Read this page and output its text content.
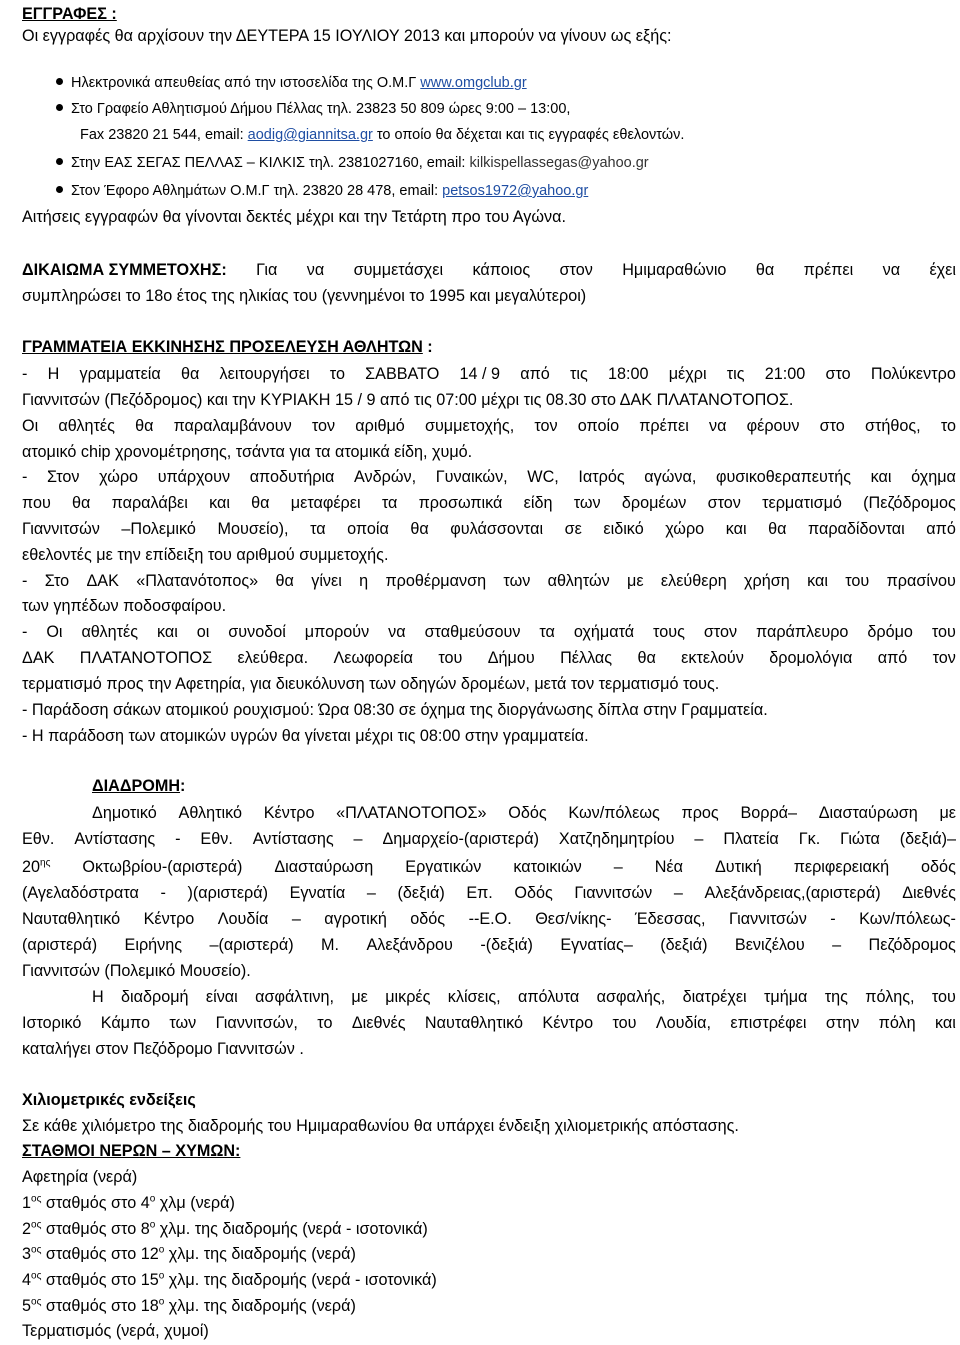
ΕΓΓΡΑΦΕΣ :
Οι εγγραφές θα αρχίσουν την ΔΕΥΤΕΡΑ 15 ΙΟΥΛΙΟΥ 2013 και μπορούν να γίνουν ως εξής:
Ηλεκτρονικά απευθείας από την ιστοσελίδα της Ο.Μ.Γ www.omgclub.gr
Στο Γραφείο Αθλητισμού Δήμου Πέλλας τηλ. 23823 50 809 ώρες 9:00 – 13:00,
Fax 23820 21 544, email: aodig@giannitsa.gr το οποίο θα δέχεται και τις εγγραφές εθελοντών.
Στην ΕΑΣ ΣΕΓΑΣ ΠΕΛΛΑΣ – ΚΙΛΚΙΣ τηλ. 2381027160, email: kilkispellassegas@yahoo.gr
Στον Έφορο Αθλημάτων Ο.Μ.Γ τηλ. 23820 28 478, email: petsos1972@yahoo.gr
Αιτήσεις εγγραφών θα γίνονται δεκτές μέχρι και την Τετάρτη προ του Αγώνα.
ΔΙΚΑΙΩΜΑ ΣΥΜΜΕΤΟΧΗΣ: Για να συμμετάσχει κάποιος στον Ημιμαραθώνιο θα πρέπει να έχει
συμπληρώσει το 18ο έτος της ηλικίας του (γεννημένοι το 1995 και μεγαλύτεροι)
ΓΡΑΜΜΑΤΕΙΑ ΕΚΚΙΝΗΣΗΣ ΠΡΟΣΕΛΕΥΣΗ ΑΘΛΗΤΩΝ :
- Η γραμματεία θα λειτουργήσει το ΣΑΒΒΑΤΟ 14 / 9 από τις 18:00 μέχρι τις 21:00 στο Πολύκεντρο
Γιαννιτσών (Πεζόδρομος) και την ΚΥΡΙΑΚΗ 15 / 9 από τις 07:00 μέχρι τις 08.30 στο ΔΑΚ ΠΛΑΤΑΝΟΤΟΠΟΣ.
Οι αθλητές θα παραλαμβάνουν τον αριθμό συμμετοχής, τον οποίο πρέπει να φέρουν στο στήθος, το
ατομικό chip χρονομέτρησης, τσάντα για τα ατομικά είδη, χυμό.
- Στον χώρο υπάρχουν αποδυτήρια Ανδρών, Γυναικών, WC, Ιατρός αγώνα, φυσικοθεραπευτής και όχημα
που θα παραλάβει και θα μεταφέρει τα προσωπικά είδη των δρομέων στον τερματισμό (Πεζόδρομος
Γιαννιτσών –Πολεμικό Μουσείο), τα οποία θα φυλάσσονται σε ειδικό χώρο και θα παραδίδονται από
εθελοντές με την επίδειξη του αριθμού συμμετοχής.
- Στο ΔΑΚ «Πλατανότοπος» θα γίνει η προθέρμανση των αθλητών με ελεύθερη χρήση και του πρασίνου
των γηπέδων ποδοσφαίρου.
- Οι αθλητές και οι συνοδοί μπορούν να σταθμεύσουν τα οχήματά τους στον παράπλευρο δρόμο του
ΔΑΚ ΠΛΑΤΑΝΟΤΟΠΟΣ ελεύθερα. Λεωφορεία του Δήμου Πέλλας θα εκτελούν δρομολόγια από τον
τερματισμό προς την Αφετηρία, για διευκόλυνση των οδηγών δρομέων, μετά τον τερματισμό τους.
- Παράδοση σάκων ατομικού ρουχισμού: Ώρα 08:30 σε όχημα της διοργάνωσης δίπλα στην Γραμματεία.
- Η παράδοση των ατομικών υγρών θα γίνεται μέχρι τις 08:00 στην γραμματεία.
ΔΙΑΔΡΟΜΗ:
Δημοτικό Αθλητικό Κέντρο «ΠΛΑΤΑΝΟΤΟΠΟΣ» Οδός Κων/πόλεως προς Βορρά– Διασταύρωση με
Εθν. Αντίστασης - Εθν. Αντίστασης – Δημαρχείο-(αριστερά) Χατζηδημητρίου – Πλατεία Γκ. Γιώτα (δεξιά)–
$20^{\eta\varsigma}$ Οκτωβρίου-(αριστερά) Διασταύρωση Εργατικών κατοικιών – Νέα Δυτική περιφερειακή οδός
(Αγελαδόστρατα - )(αριστερά) Εγνατία – (δεξιά) Επ. Οδός Γιαννιτσών – Αλεξάνδρειας,(αριστερά) Διεθνές
Ναυταθλητικό Κέντρο Λουδία – αγροτική οδός --Ε.Ο. Θεσ/νίκης- Έδεσσας, Γιαννιτσών - Κων/πόλεως-
(αριστερά) Ειρήνης –(αριστερά) Μ. Αλεξάνδρου -(δεξιά) Εγνατίας– (δεξιά) Βενιζέλου – Πεζόδρομος
Γιαννιτσών (Πολεμικό Μουσείο).
Η διαδρομή είναι ασφάλτινη, με μικρές κλίσεις, απόλυτα ασφαλής, διατρέχει τμήμα της πόλης, του
Ιστορικό Κάμπο των Γιαννιτσών, το Διεθνές Ναυταθλητικό Κέντρο του Λουδία, επιστρέφει στην πόλη και
καταλήγει στον Πεζόδρομο Γιαννιτσών .
Χιλιομετρικές ενδείξεις
Σε κάθε χιλιόμετρο της διαδρομής του Ημιμαραθωνίου θα υπάρχει ένδειξη χιλιομετρικής απόστασης.
ΣΤΑΘΜΟΙ ΝΕΡΩΝ – ΧΥΜΩΝ:
Αφετηρία (νερά)
$1^{o\varsigma}$ σταθμός στο $4^o$ χλμ (νερά)
$2^{o\varsigma}$ σταθμός στο $8^o$ χλμ. της διαδρομής (νερά - ισοτονικά)
$3^{o\varsigma}$ σταθμός στο $12^o$ χλμ. της διαδρομής (νερά)
$4^{o\varsigma}$ σταθμός στο $15^o$ χλμ. της διαδρομής (νερά - ισοτονικά)
$5^{o\varsigma}$ σταθμός στο $18^o$ χλμ. της διαδρομής (νερά)
Τερματισμός (νερά, χυμοί)
